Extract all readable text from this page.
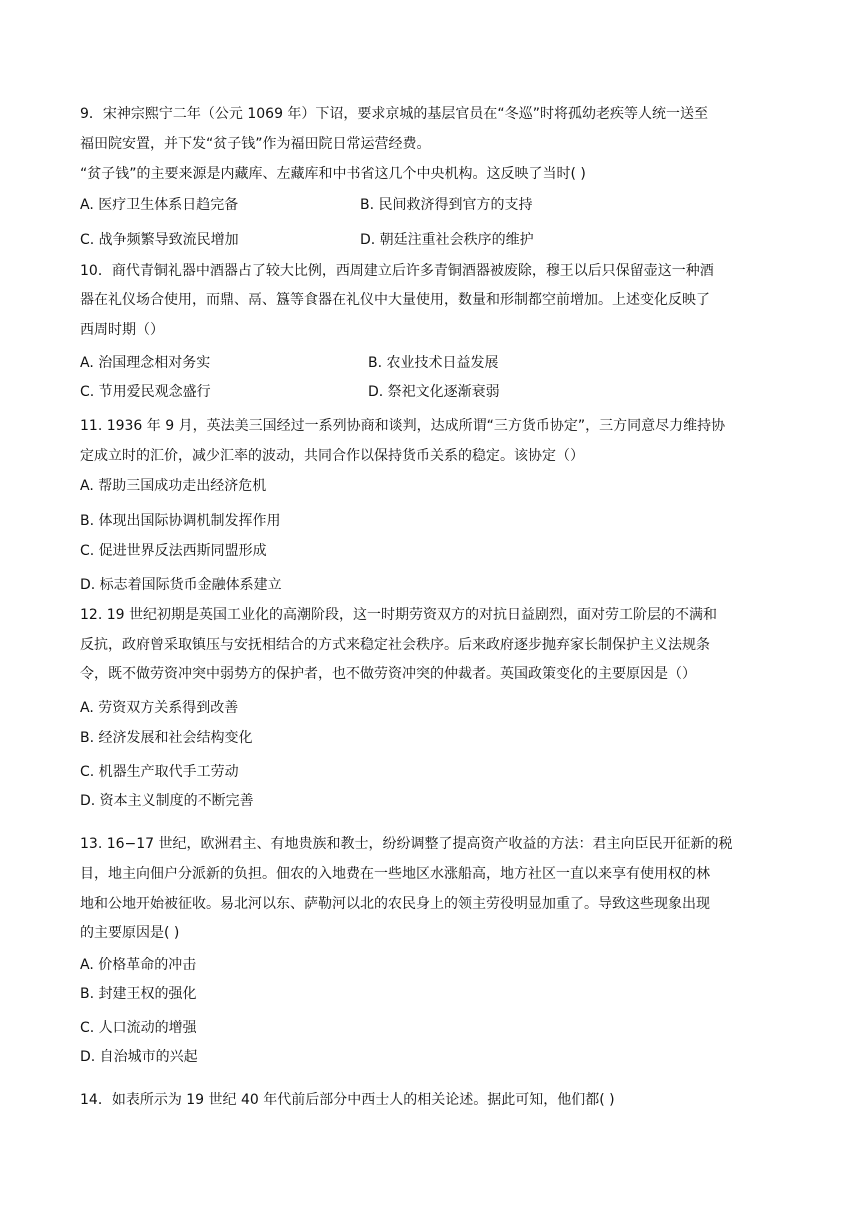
9．宋神宗熙宁二年（公元 1069 年）下诏，要求京城的基层官员在“冬巡”时将孤幼老疾等人统一送至
福田院安置，并下发“贫子钱”作为福田院日常运营经费。
“贫子钱”的主要来源是内藏库、左藏库和中书省这几个中央机构。这反映了当时( )
A. 医疗卫生体系日趋完备	B. 民间救济得到官方的支持
C. 战争频繁导致流民增加	D. 朝廷注重社会秩序的维护
10．商代青铜礼器中酒器占了较大比例，西周建立后许多青铜酒器被废除，穆王以后只保留壶这一种酒
器在礼仪场合使用，而鼎、鬲、簋等食器在礼仪中大量使用，数量和形制都空前增加。上述变化反映了
西周时期（）
A. 治国理念相对务实	B. 农业技术日益发展
C. 节用爱民观念盛行	D. 祭祀文化逐渐衰弱
11. 1936 年 9 月，英法美三国经过一系列协商和谈判，达成所谓“三方货币协定”，三方同意尽力维持协
定成立时的汇价，减少汇率的波动，共同合作以保持货币关系的稳定。该协定（）
A. 帮助三国成功走出经济危机
B. 体现出国际协调机制发挥作用
C. 促进世界反法西斯同盟形成
D. 标志着国际货币金融体系建立
12. 19 世纪初期是英国工业化的高潮阶段，这一时期劳资双方的对抗日益剧烈，面对劳工阶层的不满和
反抗，政府曾采取镇压与安抚相结合的方式来稳定社会秩序。后来政府逐步抛弃家长制保护主义法规条
令，既不做劳资冲突中弱势方的保护者，也不做劳资冲突的仲裁者。英国政策变化的主要原因是（）
A. 劳资双方关系得到改善
B. 经济发展和社会结构变化
C. 机器生产取代手工劳动
D. 资本主义制度的不断完善
13. 16−17 世纪，欧洲君主、有地贵族和教士，纷纷调整了提高资产收益的方法：君主向臣民开征新的税
目，地主向佃户分派新的负担。佃农的入地费在一些地区水涨船高，地方社区一直以来享有使用权的林
地和公地开始被征收。易北河以东、萨勒河以北的农民身上的领主劳役明显加重了。导致这些现象出现
的主要原因是( )
A. 价格革命的冲击
B. 封建王权的强化
C. 人口流动的增强
D. 自治城市的兴起
14．如表所示为 19 世纪 40 年代前后部分中西士人的相关论述。据此可知，他们都( )
